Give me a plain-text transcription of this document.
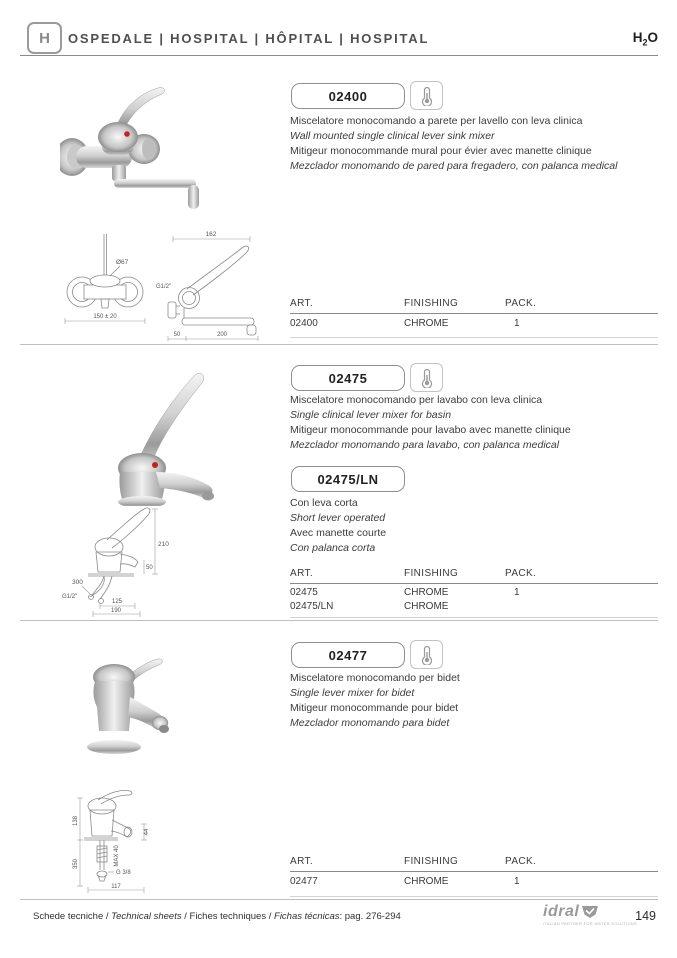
H OSPEDALE | HOSPITAL | HÔPITAL | HOSPITAL	$H_2O$
162
Ø67
G1/2"
150 ± 20
50	200
02400
Miscelatore monocomando a parete per lavello con leva clinica
Wall mounted single clinical lever sink mixer
Mitigeur monocommande mural pour évier avec manette clinique
Mezclador monomando de pared para fregadero, con palanca medical
ART.	FINISHING	PACK.
02400	CHROME	1
210
50
300
G1/2"
125
190
02475
Miscelatore monocomando per lavabo con leva clinica
Single clinical lever mixer for basin
Mitigeur monocommande pour lavabo avec manette clinique
Mezclador monomando para lavabo, con palanca medical
02475/LN
Con leva corta
Short lever operated
Avec manette courte
Con palanca corta
ART.	FINISHING	PACK.
02475	CHROME	1
02475/LN	CHROME
138
350
44
MAX 40
G 3/8
117
02477
Miscelatore monocomando per bidet
Single lever mixer for bidet
Mitigeur monocommande pour bidet
Mezclador monomando para bidet
ART.	FINISHING	PACK.
02477	CHROME	1
Schede tecniche / Technical sheets / Fiches techniques / Fichas técnicas: pag. 276-294	idral
ITALIAN PARTNER FOR WATER SOLUTIONS
149
